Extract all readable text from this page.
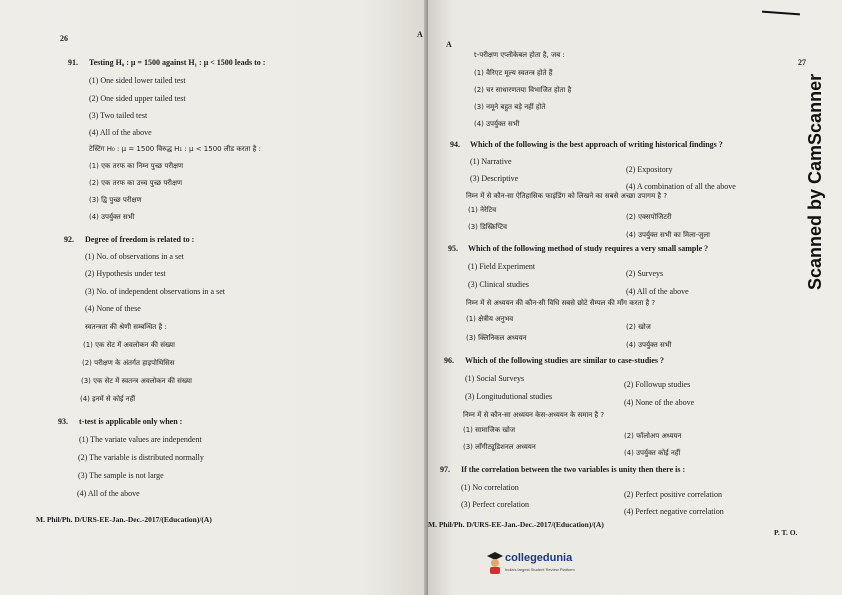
26	A
91. Testing H₀ : μ = 1500 against H₁ : μ < 1500 leads to :
(1) One sided lower tailed test
(2) One sided upper tailed test
(3) Two tailed test
(4) All of the above
टेस्टिंग H₀ : μ = 1500 विरुद्ध H₁ : μ < 1500 लीड करता है :
(1) एक तरफ का निम्न पुच्छ परीक्षण
(2) एक तरफ का उच्च पुच्छ परीक्षण
(3) द्वि पुच्छ परीक्षण
(4) उपर्युक्त सभी
92. Degree of freedom is related to :
(1) No. of observations in a set
(2) Hypothesis under test
(3) No. of independent observations in a set
(4) None of these
स्वतन्त्रता की श्रेणी सम्बन्धित है :
(1) एक सेट में अवलोकन की संख्या
(2) परीक्षण के अंतर्गत हाइपोथिसिस
(3) एक सेट में स्वतन्त्र अवलोकन की संख्या
(4) इनमें से कोई नहीं
93. t-test is applicable only when :
(1) The variate values are independent
(2) The variable is distributed normally
(3) The sample is not large
(4) All of the above
M. Phil/Ph. D/URS-EE-Jan.-Dec.-2017/(Education)/(A)
A
27
t-परीक्षण एप्लीकेबल होता है, जब :
(1) वैरिएट मूल्य स्वतन्त्र होते हैं
(2) चर साधारणतया विभाजित होता है
(3) नमूने बहुत बड़े नहीं होते
(4) उपर्युक्त सभी
94. Which of the following is the best approach of writing historical findings ?
(1) Narrative
(2) Expository
(3) Descriptive
(4) A combination of all the above
निम्न में से कौन-सा ऐतिहासिक फाइंडिंग को लिखने का सबसे अच्छा उपागम है ?
(1) नेरेटिव
(2) एक्सपोजिटरी
(3) डिस्क्रिप्टिव
(4) उपर्युक्त सभी का मिला-जुला
95. Which of the following method of study requires a very small sample ?
(1) Field Experiment
(2) Surveys
(3) Clinical studies
(4) All of the above
निम्न में से अध्ययन की कौन-सी विधि सबसे छोटे सैम्पल की माँग करता है ?
(1) क्षेत्रीय अनुभव
(2) खोज
(3) क्लिनिकल अध्ययन
(4) उपर्युक्त सभी
96. Which of the following studies are similar to case-studies ?
(1) Social Surveys
(2) Followup studies
(3) Longitudutional studies
(4) None of the above
निम्न में से कौन-सा अध्ययन केस-अध्ययन के समान है ?
(1) सामाजिक खोज
(2) फॉलोअप अध्ययन
(3) लॉंगीट्यूडिशनल अध्ययन
(4) उपर्युक्त कोई नहीं
97. If the correlation between the two variables is unity then there is :
(1) No correlation
(2) Perfect positive correlation
(3) Perfect corelation
(4) Perfect negative correlation
M. Phil/Ph. D/URS-EE-Jan.-Dec.-2017/(Education)/(A)
P. T. O.
Scanned by CamScanner
collegedunia
India's largest Student Review Platform
